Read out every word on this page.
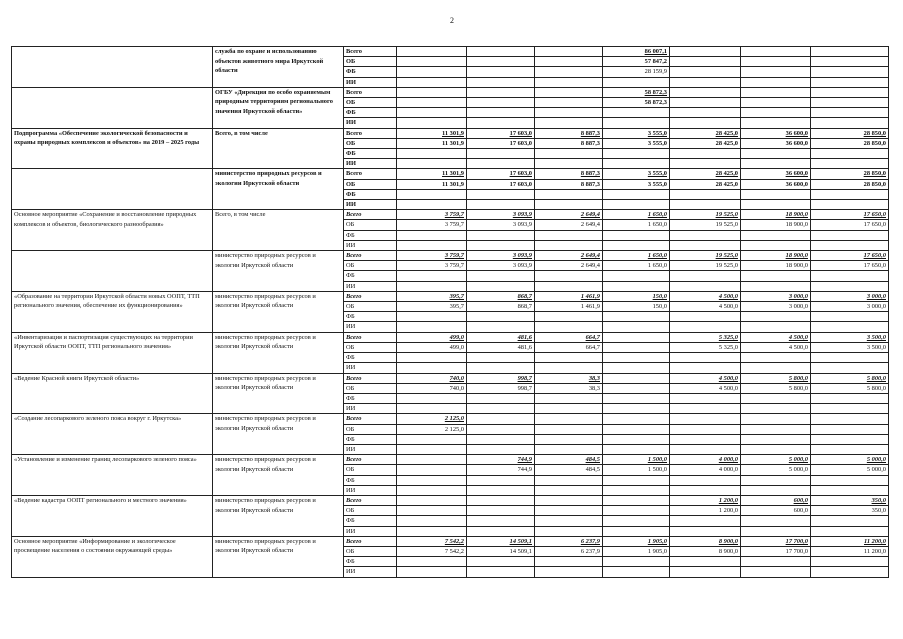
2
	служба по охране и использованию объектов животного мира Иркутской области	Всего				86 007,1			
		ОБ				57 847,2			
		ФБ				28 159,9			
		ИИ							
	ОГБУ «Дирекция по особо охраняемым природным территориям регионального значения Иркутской области»	Всего				58 872,3			
		ОБ				58 872,3			
		ФБ							
		ИИ							
Подпрограмма «Обеспечение экологической безопасности и охраны природных комплексов и объектов» на 2019 – 2025 годы	Всего, в том числе	Всего	11 301,9	17 603,0	8 887,3	3 555,0	28 425,0	36 600,0	28 850,0
		ОБ	11 301,9	17 603,0	8 887,3	3 555,0	28 425,0	36 600,0	28 850,0
		ФБ							
		ИИ							
	министерство природных ресурсов и экологии Иркутской области	Всего	11 301,9	17 603,0	8 887,3	3 555,0	28 425,0	36 600,0	28 850,0
		ОБ	11 301,9	17 603,0	8 887,3	3 555,0	28 425,0	36 600,0	28 850,0
		ФБ							
		ИИ							
Основное мероприятие «Сохранение и восстановление природных комплексов и объектов, биологического разнообразия»	Всего, в том числе	Всего	3 759,7	3 093,9	2 649,4	1 650,0	19 525,0	18 900,0	17 650,0
		ОБ	3 759,7	3 093,9	2 649,4	1 650,0	19 525,0	18 900,0	17 650,0
		ФБ							
		ИИ							
	министерство природных ресурсов и экологии Иркутской области	Всего	3 759,7	3 093,9	2 649,4	1 650,0	19 525,0	18 900,0	17 650,0
		ОБ	3 759,7	3 093,9	2 649,4	1 650,0	19 525,0	18 900,0	17 650,0
		ФБ							
		ИИ							
«Образование на территории Иркутской области новых ООПТ, ТТП регионального значения, обеспечение их функционирования»	министерство природных ресурсов и экологии Иркутской области	Всего	395,7	868,7	1 461,9	150,0	4 500,0	3 000,0	3 000,0
		ОБ	395,7	868,7	1 461,9	150,0	4 500,0	3 000,0	3 000,0
		ФБ							
		ИИ							
«Инвентаризация и паспортизация существующих на территории Иркутской области ООПТ, ТТП регионального значения»	министерство природных ресурсов и экологии Иркутской области	Всего	499,0	481,6	664,7		5 325,0	4 500,0	3 500,0
		ОБ	499,0	481,6	664,7		5 325,0	4 500,0	3 500,0
		ФБ							
		ИИ							
«Ведение Красной книги Иркутской области»	министерство природных ресурсов и экологии Иркутской области	Всего	740,0	998,7	38,3		4 500,0	5 800,0	5 800,0
		ОБ	740,0	998,7	38,3		4 500,0	5 800,0	5 800,0
		ФБ							
		ИИ							
«Создание лесопаркового зеленого пояса вокруг г. Иркутска»	министерство природных ресурсов и экологии Иркутской области	Всего	2 125,0						
		ОБ	2 125,0						
		ФБ							
		ИИ							
«Установление и изменение границ лесопаркового зеленого пояса»	министерство природных ресурсов и экологии Иркутской области	Всего		744,9	484,5	1 500,0	4 000,0	5 000,0	5 000,0
		ОБ		744,9	484,5	1 500,0	4 000,0	5 000,0	5 000,0
		ФБ							
		ИИ							
«Ведение кадастра ООПТ регионального и местного значения»	министерство природных ресурсов и экологии Иркутской области	Всего					1 200,0	600,0	350,0
		ОБ					1 200,0	600,0	350,0
		ФБ							
		ИИ							
Основное мероприятие «Информирование и экологическое просвещение населения о состоянии окружающей среды»	министерство природных ресурсов и экологии Иркутской области	Всего	7 542,2	14 509,1	6 237,9	1 905,0	8 900,0	17 700,0	11 200,0
		ОБ	7 542,2	14 509,1	6 237,9	1 905,0	8 900,0	17 700,0	11 200,0
		ФБ							
		ИИ							
